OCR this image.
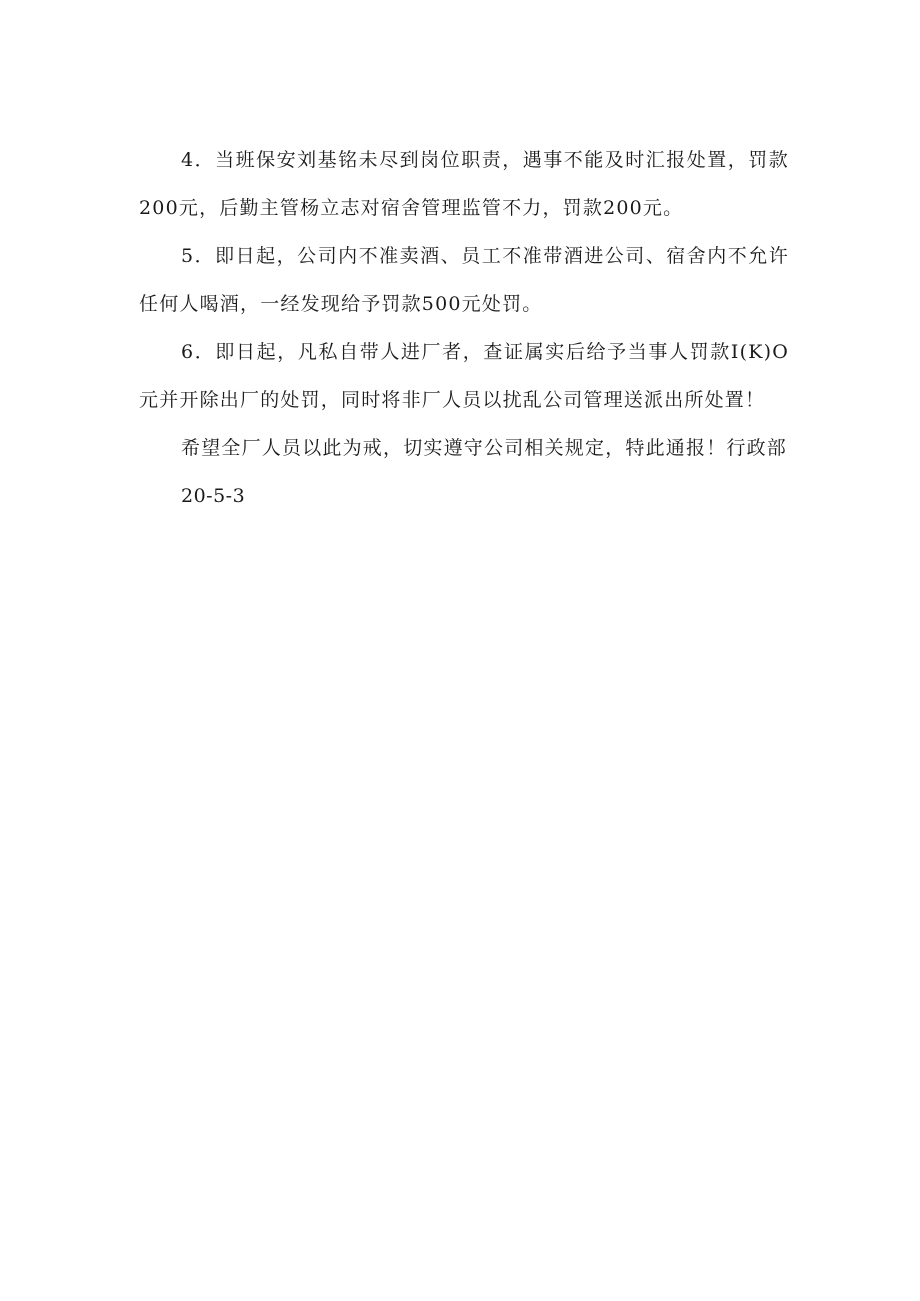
4．当班保安刘基铭未尽到岗位职责，遇事不能及时汇报处置，罚款200元，后勤主管杨立志对宿舍管理监管不力，罚款200元。

5．即日起，公司内不准卖酒、员工不准带酒进公司、宿舍内不允许任何人喝酒，一经发现给予罚款500元处罚。

6．即日起，凡私自带人进厂者，查证属实后给予当事人罚款I(K)O元并开除出厂的处罚，同时将非厂人员以扰乱公司管理送派出所处置！

希望全厂人员以此为戒，切实遵守公司相关规定，特此通报！行政部

20-5-3
